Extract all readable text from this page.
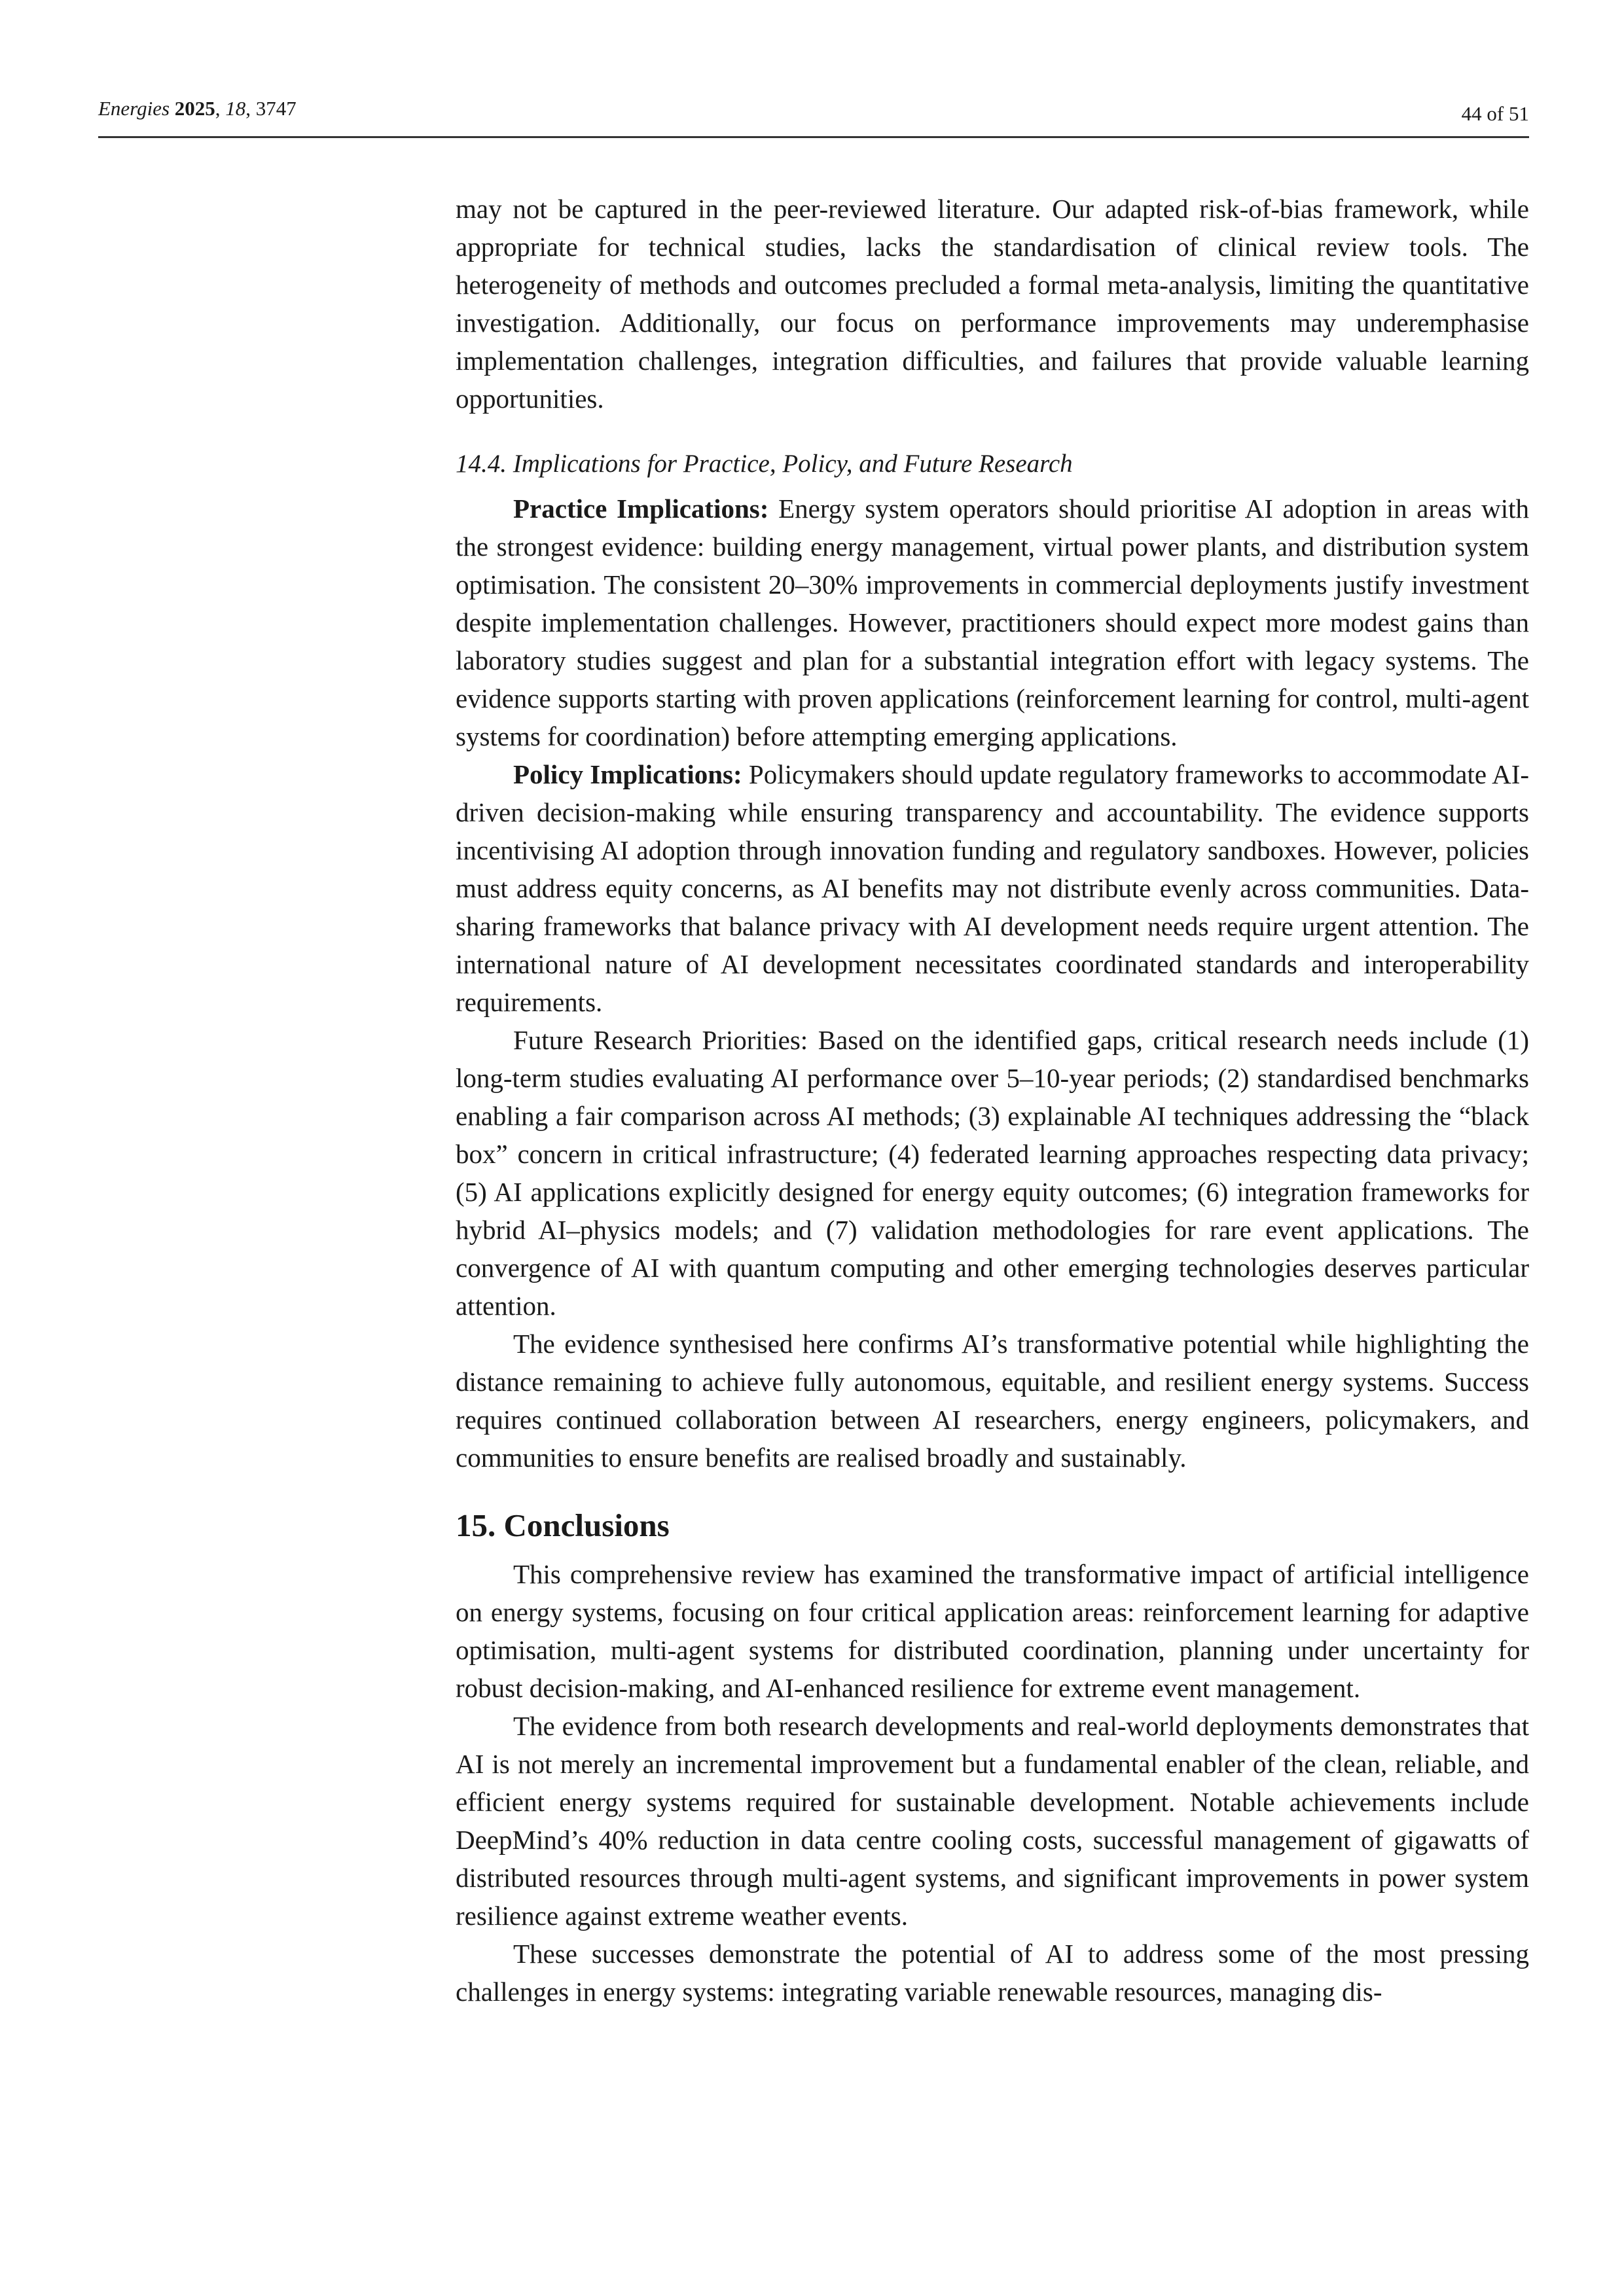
Energies 2025, 18, 3747	44 of 51

may not be captured in the peer-reviewed literature. Our adapted risk-of-bias framework, while appropriate for technical studies, lacks the standardisation of clinical review tools. The heterogeneity of methods and outcomes precluded a formal meta-analysis, limiting the quantitative investigation. Additionally, our focus on performance improvements may underemphasise implementation challenges, integration difficulties, and failures that provide valuable learning opportunities.

14.4. Implications for Practice, Policy, and Future Research

Practice Implications: Energy system operators should prioritise AI adoption in areas with the strongest evidence: building energy management, virtual power plants, and distribution system optimisation. The consistent 20–30% improvements in commercial deployments justify investment despite implementation challenges. However, practitioners should expect more modest gains than laboratory studies suggest and plan for a substantial integration effort with legacy systems. The evidence supports starting with proven applications (reinforcement learning for control, multi-agent systems for coordination) before attempting emerging applications.

Policy Implications: Policymakers should update regulatory frameworks to accommodate AI-driven decision-making while ensuring transparency and accountability. The evidence supports incentivising AI adoption through innovation funding and regulatory sandboxes. However, policies must address equity concerns, as AI benefits may not distribute evenly across communities. Data-sharing frameworks that balance privacy with AI development needs require urgent attention. The international nature of AI development necessitates coordinated standards and interoperability requirements.

Future Research Priorities: Based on the identified gaps, critical research needs include (1) long-term studies evaluating AI performance over 5–10-year periods; (2) standardised benchmarks enabling a fair comparison across AI methods; (3) explainable AI techniques addressing the “black box” concern in critical infrastructure; (4) federated learning approaches respecting data privacy; (5) AI applications explicitly designed for energy equity outcomes; (6) integration frameworks for hybrid AI–physics models; and (7) validation methodologies for rare event applications. The convergence of AI with quantum computing and other emerging technologies deserves particular attention.

The evidence synthesised here confirms AI’s transformative potential while highlighting the distance remaining to achieve fully autonomous, equitable, and resilient energy systems. Success requires continued collaboration between AI researchers, energy engineers, policymakers, and communities to ensure benefits are realised broadly and sustainably.

15. Conclusions

This comprehensive review has examined the transformative impact of artificial intelligence on energy systems, focusing on four critical application areas: reinforcement learning for adaptive optimisation, multi-agent systems for distributed coordination, planning under uncertainty for robust decision-making, and AI-enhanced resilience for extreme event management.

The evidence from both research developments and real-world deployments demonstrates that AI is not merely an incremental improvement but a fundamental enabler of the clean, reliable, and efficient energy systems required for sustainable development. Notable achievements include DeepMind’s 40% reduction in data centre cooling costs, successful management of gigawatts of distributed resources through multi-agent systems, and significant improvements in power system resilience against extreme weather events.

These successes demonstrate the potential of AI to address some of the most pressing challenges in energy systems: integrating variable renewable resources, managing dis-
